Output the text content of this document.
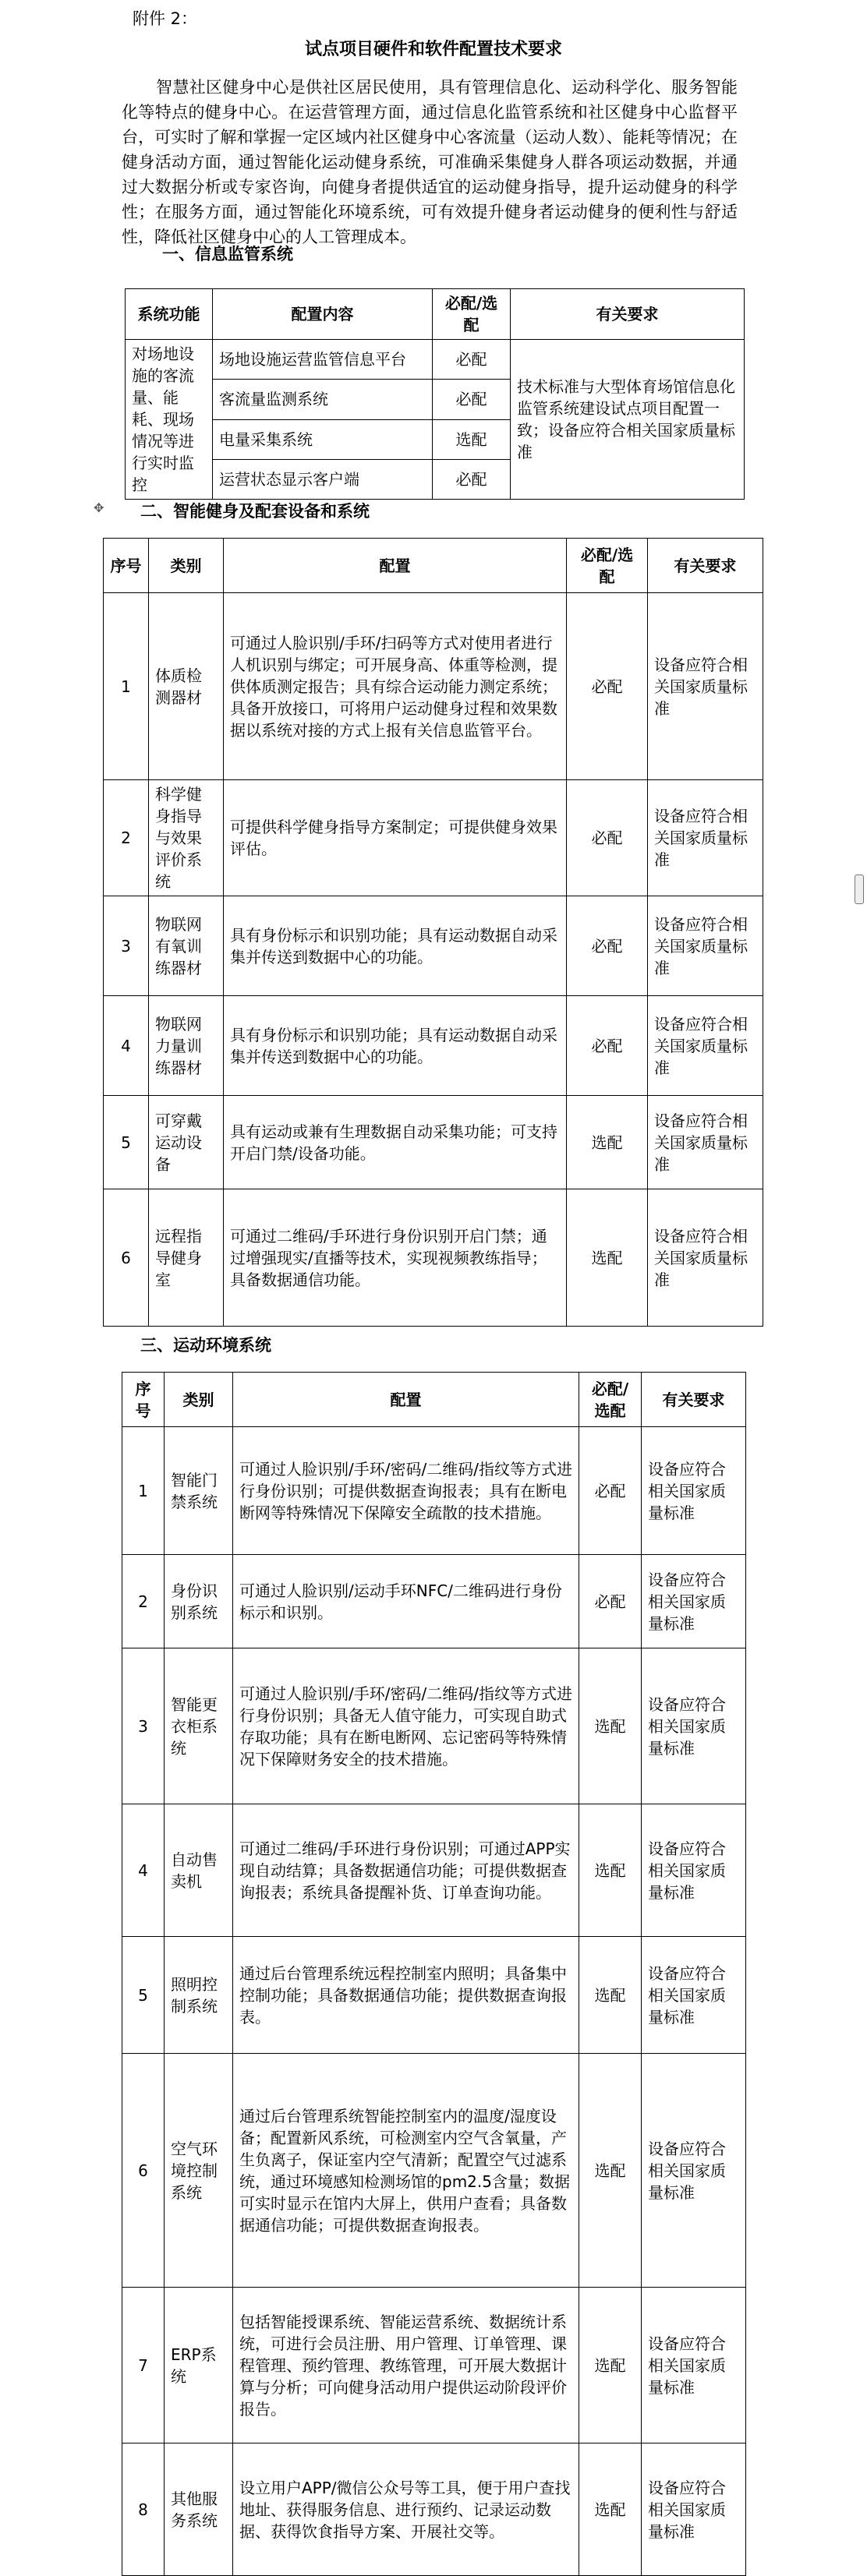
附件 2：
试点项目硬件和软件配置技术要求

智慧社区健身中心是供社区居民使用，具有管理信息化、运动科学化、服务智能化等特点的健身中心。在运营管理方面，通过信息化监管系统和社区健身中心监督平台，可实时了解和掌握一定区域内社区健身中心客流量（运动人数）、能耗等情况；在健身活动方面，通过智能化运动健身系统，可准确采集健身人群各项运动数据，并通过大数据分析或专家咨询，向健身者提供适宜的运动健身指导，提升运动健身的科学性；在服务方面，通过智能化环境系统，可有效提升健身者运动健身的便利性与舒适性，降低社区健身中心的人工管理成本。

一、信息监管系统
系统功能	配置内容	必配/选配	有关要求
对场地设施的客流量、能耗、现场情况等进行实时监控	场地设施运营监管信息平台	必配	技术标准与大型体育场馆信息化监管系统建设试点项目配置一致；设备应符合相关国家质量标准
	客流量监测系统	必配	
	电量采集系统	选配	
	运营状态显示客户端	必配	
✥ 二、智能健身及配套设备和系统
序号	类别	配置	必配/选配	有关要求
1	体质检测器材	可通过人脸识别/手环/扫码等方式对使用者进行人机识别与绑定；可开展身高、体重等检测，提供体质测定报告；具有综合运动能力测定系统；具备开放接口，可将用户运动健身过程和效果数据以系统对接的方式上报有关信息监管平台。	必配	设备应符合相关国家质量标准
2	科学健身指导与效果评价系统	可提供科学健身指导方案制定；可提供健身效果评估。	必配	设备应符合相关国家质量标准
3	物联网有氧训练器材	具有身份标示和识别功能；具有运动数据自动采集并传送到数据中心的功能。	必配	设备应符合相关国家质量标准
4	物联网力量训练器材	具有身份标示和识别功能；具有运动数据自动采集并传送到数据中心的功能。	必配	设备应符合相关国家质量标准
5	可穿戴运动设备	具有运动或兼有生理数据自动采集功能；可支持开启门禁/设备功能。	选配	设备应符合相关国家质量标准
6	远程指导健身室	可通过二维码/手环进行身份识别开启门禁；通过增强现实/直播等技术，实现视频教练指导；具备数据通信功能。	选配	设备应符合相关国家质量标准
三、运动环境系统
序号	类别	配置	必配/选配	有关要求
1	智能门禁系统	可通过人脸识别/手环/密码/二维码/指纹等方式进行身份识别；可提供数据查询报表；具有在断电断网等特殊情况下保障安全疏散的技术措施。	必配	设备应符合相关国家质量标准
2	身份识别系统	可通过人脸识别/运动手环NFC/二维码进行身份标示和识别。	必配	设备应符合相关国家质量标准
3	智能更衣柜系统	可通过人脸识别/手环/密码/二维码/指纹等方式进行身份识别；具备无人值守能力，可实现自助式存取功能；具有在断电断网、忘记密码等特殊情况下保障财务安全的技术措施。	选配	设备应符合相关国家质量标准
4	自动售卖机	可通过二维码/手环进行身份识别；可通过APP实现自动结算；具备数据通信功能；可提供数据查询报表；系统具备提醒补货、订单查询功能。	选配	设备应符合相关国家质量标准
5	照明控制系统	通过后台管理系统远程控制室内照明；具备集中控制功能；具备数据通信功能；提供数据查询报表。	选配	设备应符合相关国家质量标准
6	空气环境控制系统	通过后台管理系统智能控制室内的温度/湿度设备；配置新风系统，可检测室内空气含氧量，产生负离子，保证室内空气清新；配置空气过滤系统，通过环境感知检测场馆的pm2.5含量；数据可实时显示在馆内大屏上，供用户查看；具备数据通信功能；可提供数据查询报表。	选配	设备应符合相关国家质量标准
7	ERP系统	包括智能授课系统、智能运营系统、数据统计系统，可进行会员注册、用户管理、订单管理、课程管理、预约管理、教练管理，可开展大数据计算与分析；可向健身活动用户提供运动阶段评价报告。	选配	设备应符合相关国家质量标准
8	其他服务系统	设立用户APP/微信公众号等工具，便于用户查找地址、获得服务信息、进行预约、记录运动数据、获得饮食指导方案、开展社交等。	选配	设备应符合相关国家质量标准
